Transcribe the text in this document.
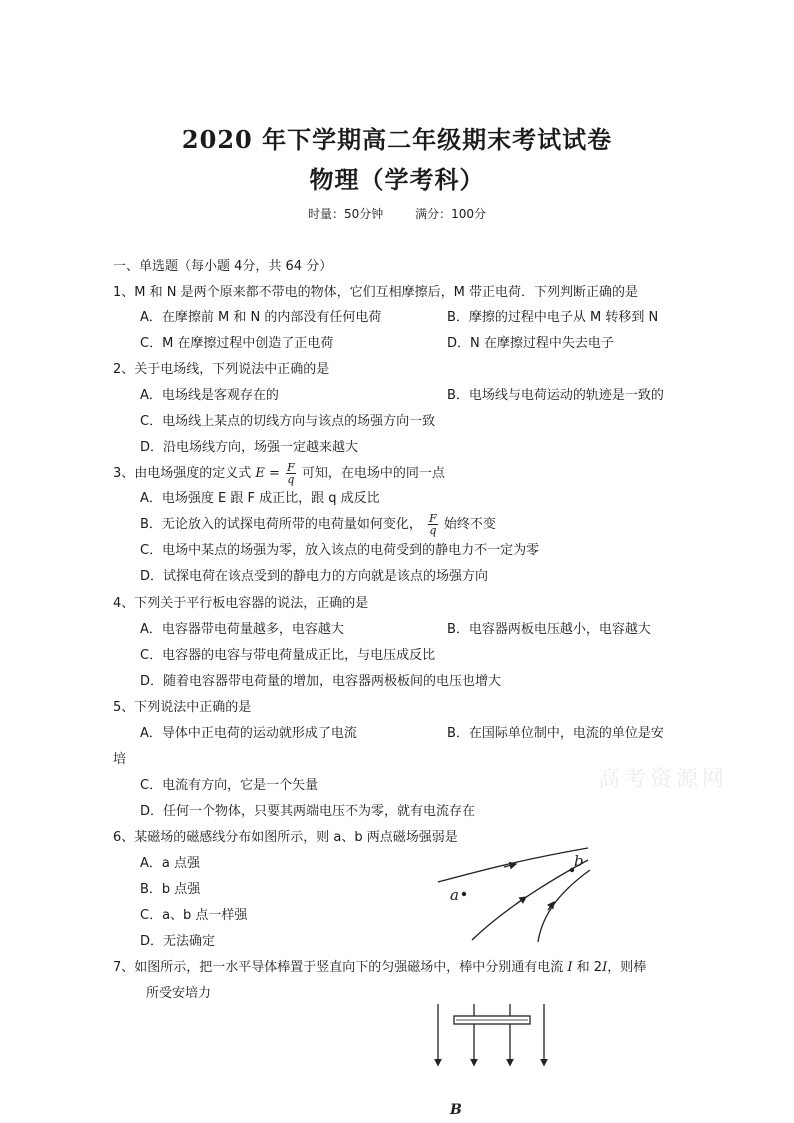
2020 年下学期高二年级期末考试试卷
物理（学考科）
时量：50分钟	满分：100分
一、单选题（每小题 4分，共 64 分）
1、M 和 N 是两个原来都不带电的物体，它们互相摩擦后，M 带正电荷．下列判断正确的是
A．在摩擦前 M 和 N 的内部没有任何电荷	B．摩擦的过程中电子从 M 转移到 N
C．M 在摩擦过程中创造了正电荷	D．N 在摩擦过程中失去电子
2、关于电场线，下列说法中正确的是
A．电场线是客观存在的	B．电场线与电荷运动的轨迹是一致的
C．电场线上某点的切线方向与该点的场强方向一致
D．沿电场线方向，场强一定越来越大
3、由电场强度的定义式 $E = \frac{F}{q}$ 可知，在电场中的同一点
A．电场强度 E 跟 F 成正比，跟 q 成反比
B．无论放入的试探电荷所带的电荷量如何变化， $\frac{F}{q}$ 始终不变
C．电场中某点的场强为零，放入该点的电荷受到的静电力不一定为零
D．试探电荷在该点受到的静电力的方向就是该点的场强方向
4、下列关于平行板电容器的说法，正确的是
A．电容器带电荷量越多，电容越大	B．电容器两板电压越小，电容越大
C．电容器的电容与带电荷量成正比，与电压成反比
D．随着电容器带电荷量的增加，电容器两极板间的电压也增大
5、下列说法中正确的是
A．导体中正电荷的运动就形成了电流	B．在国际单位制中，电流的单位是安
培
C．电流有方向，它是一个矢量
D．任何一个物体，只要其两端电压不为零，就有电流存在
高考资源网
6、某磁场的磁感线分布如图所示，则 a、b 两点磁场强弱是
A．a 点强
B．b 点强
C．a、b 点一样强
D．无法确定
a
b
7、如图所示，把一水平导体棒置于竖直向下的匀强磁场中，棒中分别通有电流 I 和 2I，则棒
所受安培力
B
